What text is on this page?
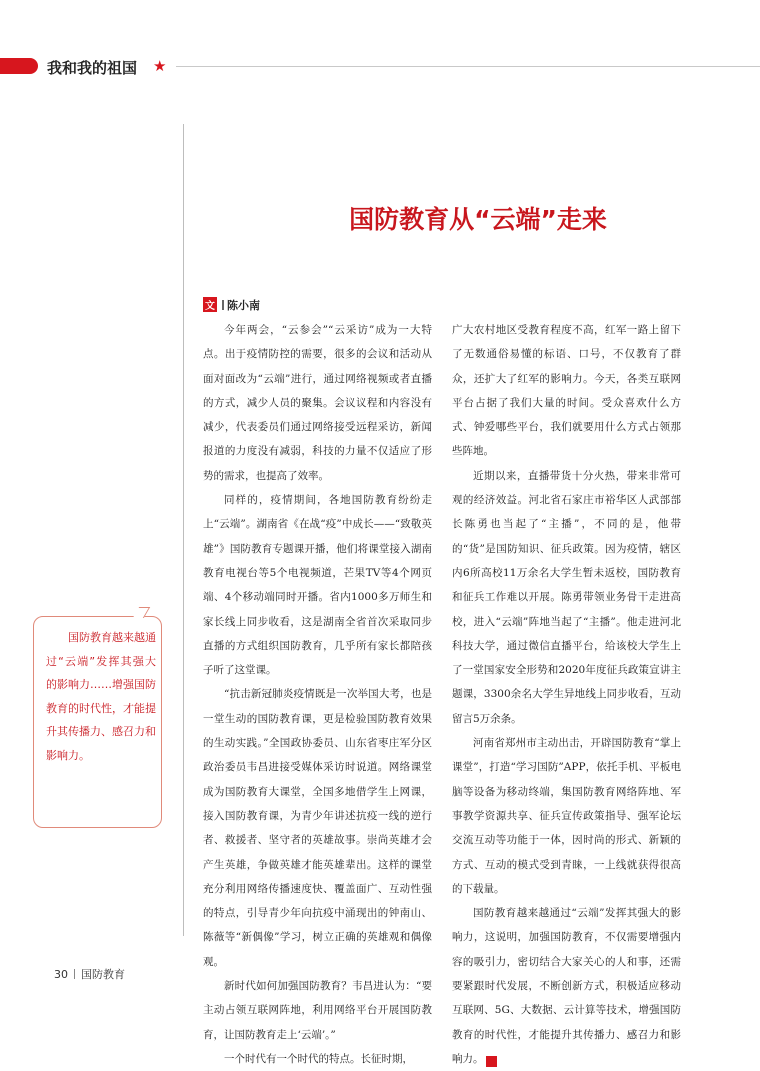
我和我的祖国 ★
国防教育从“云端”走来
文 陈小南

今年两会，“云参会”“云采访”成为一大特点。出于疫情防控的需要，很多的会议和活动从面对面改为“云端”进行，通过网络视频或者直播的方式，减少人员的聚集。会议议程和内容没有减少，代表委员们通过网络接受远程采访，新闻报道的力度没有减弱，科技的力量不仅适应了形势的需求，也提高了效率。

同样的，疫情期间，各地国防教育纷纷走上“云端”。湖南省《在战“疫”中成长——“致敬英雄”》国防教育专题课开播，他们将课堂接入湖南教育电视台等5个电视频道，芒果TV等4个网页端、4个移动端同时开播。省内1000多万师生和家长线上同步收看，这是湖南全省首次采取同步直播的方式组织国防教育，几乎所有家长都陪孩子听了这堂课。

“抗击新冠肺炎疫情既是一次举国大考，也是一堂生动的国防教育课，更是检验国防教育效果的生动实践。”全国政协委员、山东省枣庄军分区政治委员韦昌进接受媒体采访时说道。网络课堂成为国防教育大课堂，全国多地借学生上网课，接入国防教育课，为青少年讲述抗疫一线的逆行者、救援者、坚守者的英雄故事。崇尚英雄才会产生英雄，争做英雄才能英雄辈出。这样的课堂充分利用网络传播速度快、覆盖面广、互动性强的特点，引导青少年向抗疫中涌现出的钟南山、陈薇等“新偶像”学习，树立正确的英雄观和偶像观。

新时代如何加强国防教育？韦昌进认为：“要主动占领互联网阵地，利用网络平台开展国防教育，让国防教育走上‘云端’。”

一个时代有一个时代的特点。长征时期，

广大农村地区受教育程度不高，红军一路上留下了无数通俗易懂的标语、口号，不仅教育了群众，还扩大了红军的影响力。今天，各类互联网平台占据了我们大量的时间。受众喜欢什么方式、钟爱哪些平台，我们就要用什么方式占领那些阵地。

近期以来，直播带货十分火热，带来非常可观的经济效益。河北省石家庄市裕华区人武部部长陈勇也当起了“主播”，不同的是，他带的“货”是国防知识、征兵政策。因为疫情，辖区内6所高校11万余名大学生暂未返校，国防教育和征兵工作难以开展。陈勇带领业务骨干走进高校，进入“云端”阵地当起了“主播”。他走进河北科技大学，通过微信直播平台，给该校大学生上了一堂国家安全形势和2020年度征兵政策宣讲主题课，3300余名大学生异地线上同步收看，互动留言5万余条。

河南省郑州市主动出击，开辟国防教育“掌上课堂”，打造“学习国防”APP，依托手机、平板电脑等设备为移动终端，集国防教育网络阵地、军事教学资源共享、征兵宣传政策指导、强军论坛交流互动等功能于一体，因时尚的形式、新颖的方式、互动的模式受到青睐，一上线就获得很高的下载量。

国防教育越来越通过“云端”发挥其强大的影响力，这说明，加强国防教育，不仅需要增强内容的吸引力，密切结合大家关心的人和事，还需要紧跟时代发展，不断创新方式，积极适应移动互联网、5G、大数据、云计算等技术，增强国防教育的时代性，才能提升其传播力、感召力和影响力。	G

国防教育越来越通过“云端”发挥其强大的影响力……增强国防教育的时代性，才能提升其传播力、感召力和影响力。
30 国防教育
